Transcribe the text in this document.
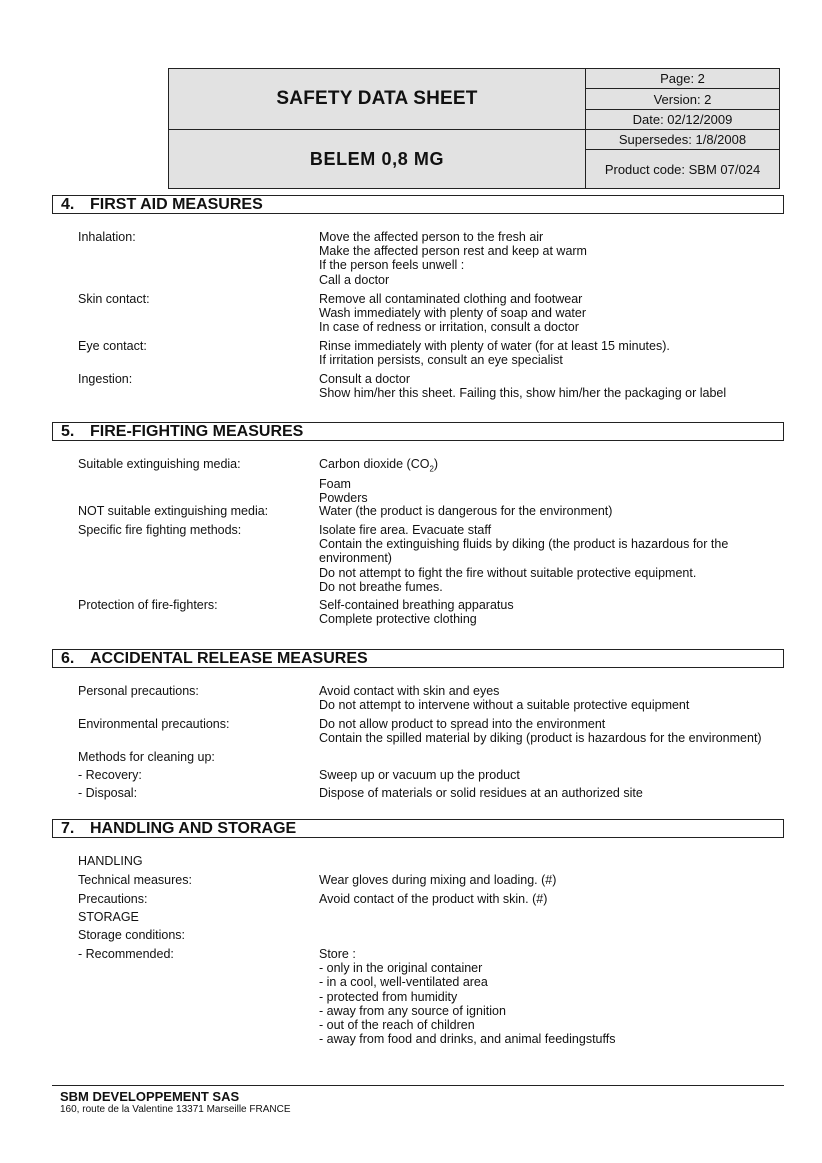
SAFETY DATA SHEET
BELEM 0,8 MG
Page: 2
Version: 2
Date: 02/12/2009
Supersedes: 1/8/2008
Product code: SBM 07/024
4. FIRST AID MEASURES
Inhalation:	Move the affected person to the fresh air
Make the affected person rest and keep at warm
If the person feels unwell :
Call a doctor
Skin contact:	Remove all contaminated clothing and footwear
Wash immediately with plenty of soap and water
In case of redness or irritation, consult a doctor
Eye contact:	Rinse immediately with plenty of water (for at least 15 minutes).
If irritation persists, consult an eye specialist
Ingestion:	Consult a doctor
Show him/her this sheet. Failing this, show him/her the packaging or label
5. FIRE-FIGHTING MEASURES
Suitable extinguishing media:	Carbon dioxide $(CO_2)$
Foam
Powders
NOT suitable extinguishing media:	Water (the product is dangerous for the environment)
Specific fire fighting methods:	Isolate fire area. Evacuate staff
Contain the extinguishing fluids by diking (the product is hazardous for the environment)
Do not attempt to fight the fire without suitable protective equipment.
Do not breathe fumes.
Protection of fire-fighters:	Self-contained breathing apparatus
Complete protective clothing
6. ACCIDENTAL RELEASE MEASURES
Personal precautions:	Avoid contact with skin and eyes
Do not attempt to intervene without a suitable protective equipment
Environmental precautions:	Do not allow product to spread into the environment
Contain the spilled material by diking (product is hazardous for the environment)
Methods for cleaning up:
- Recovery:	Sweep up or vacuum up the product
- Disposal:	Dispose of materials or solid residues at an authorized site
7. HANDLING AND STORAGE
HANDLING
Technical measures:	Wear gloves during mixing and loading. (#)
Precautions:	Avoid contact of the product with skin. (#)
STORAGE
Storage conditions:
- Recommended:	Store :
- only in the original container
- in a cool, well-ventilated area
- protected from humidity
- away from any source of ignition
- out of the reach of children
- away from food and drinks, and animal feedingstuffs
SBM DEVELOPPEMENT SAS
160, route de la Valentine 13371 Marseille FRANCE
